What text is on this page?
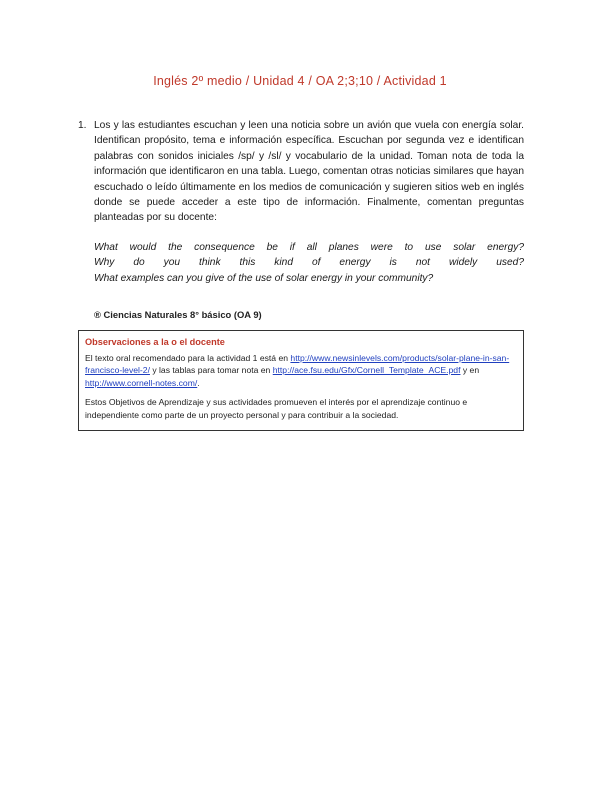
Inglés 2º medio / Unidad 4 / OA 2;3;10 / Actividad 1
1. Los y las estudiantes escuchan y leen una noticia sobre un avión que vuela con energía solar. Identifican propósito, tema e información específica. Escuchan por segunda vez e identifican palabras con sonidos iniciales /sp/ y /sl/ y vocabulario de la unidad. Toman nota de toda la información que identificaron en una tabla. Luego, comentan otras noticias similares que hayan escuchado o leído últimamente en los medios de comunicación y sugieren sitios web en inglés donde se puede acceder a este tipo de información. Finalmente, comentan preguntas planteadas por su docente:
What would the consequence be if all planes were to use solar energy?
Why do you think this kind of energy is not widely used?
What examples can you give of the use of solar energy in your community?
® Ciencias Naturales 8° básico (OA 9)
Observaciones a la o el docente

El texto oral recomendado para la actividad 1 está en http://www.newsinlevels.com/products/solar-plane-in-san-francisco-level-2/ y las tablas para tomar nota en http://ace.fsu.edu/Gfx/Cornell_Template_ACE.pdf y en http://www.cornell-notes.com/.

Estos Objetivos de Aprendizaje y sus actividades promueven el interés por el aprendizaje continuo e independiente como parte de un proyecto personal y para contribuir a la sociedad.
